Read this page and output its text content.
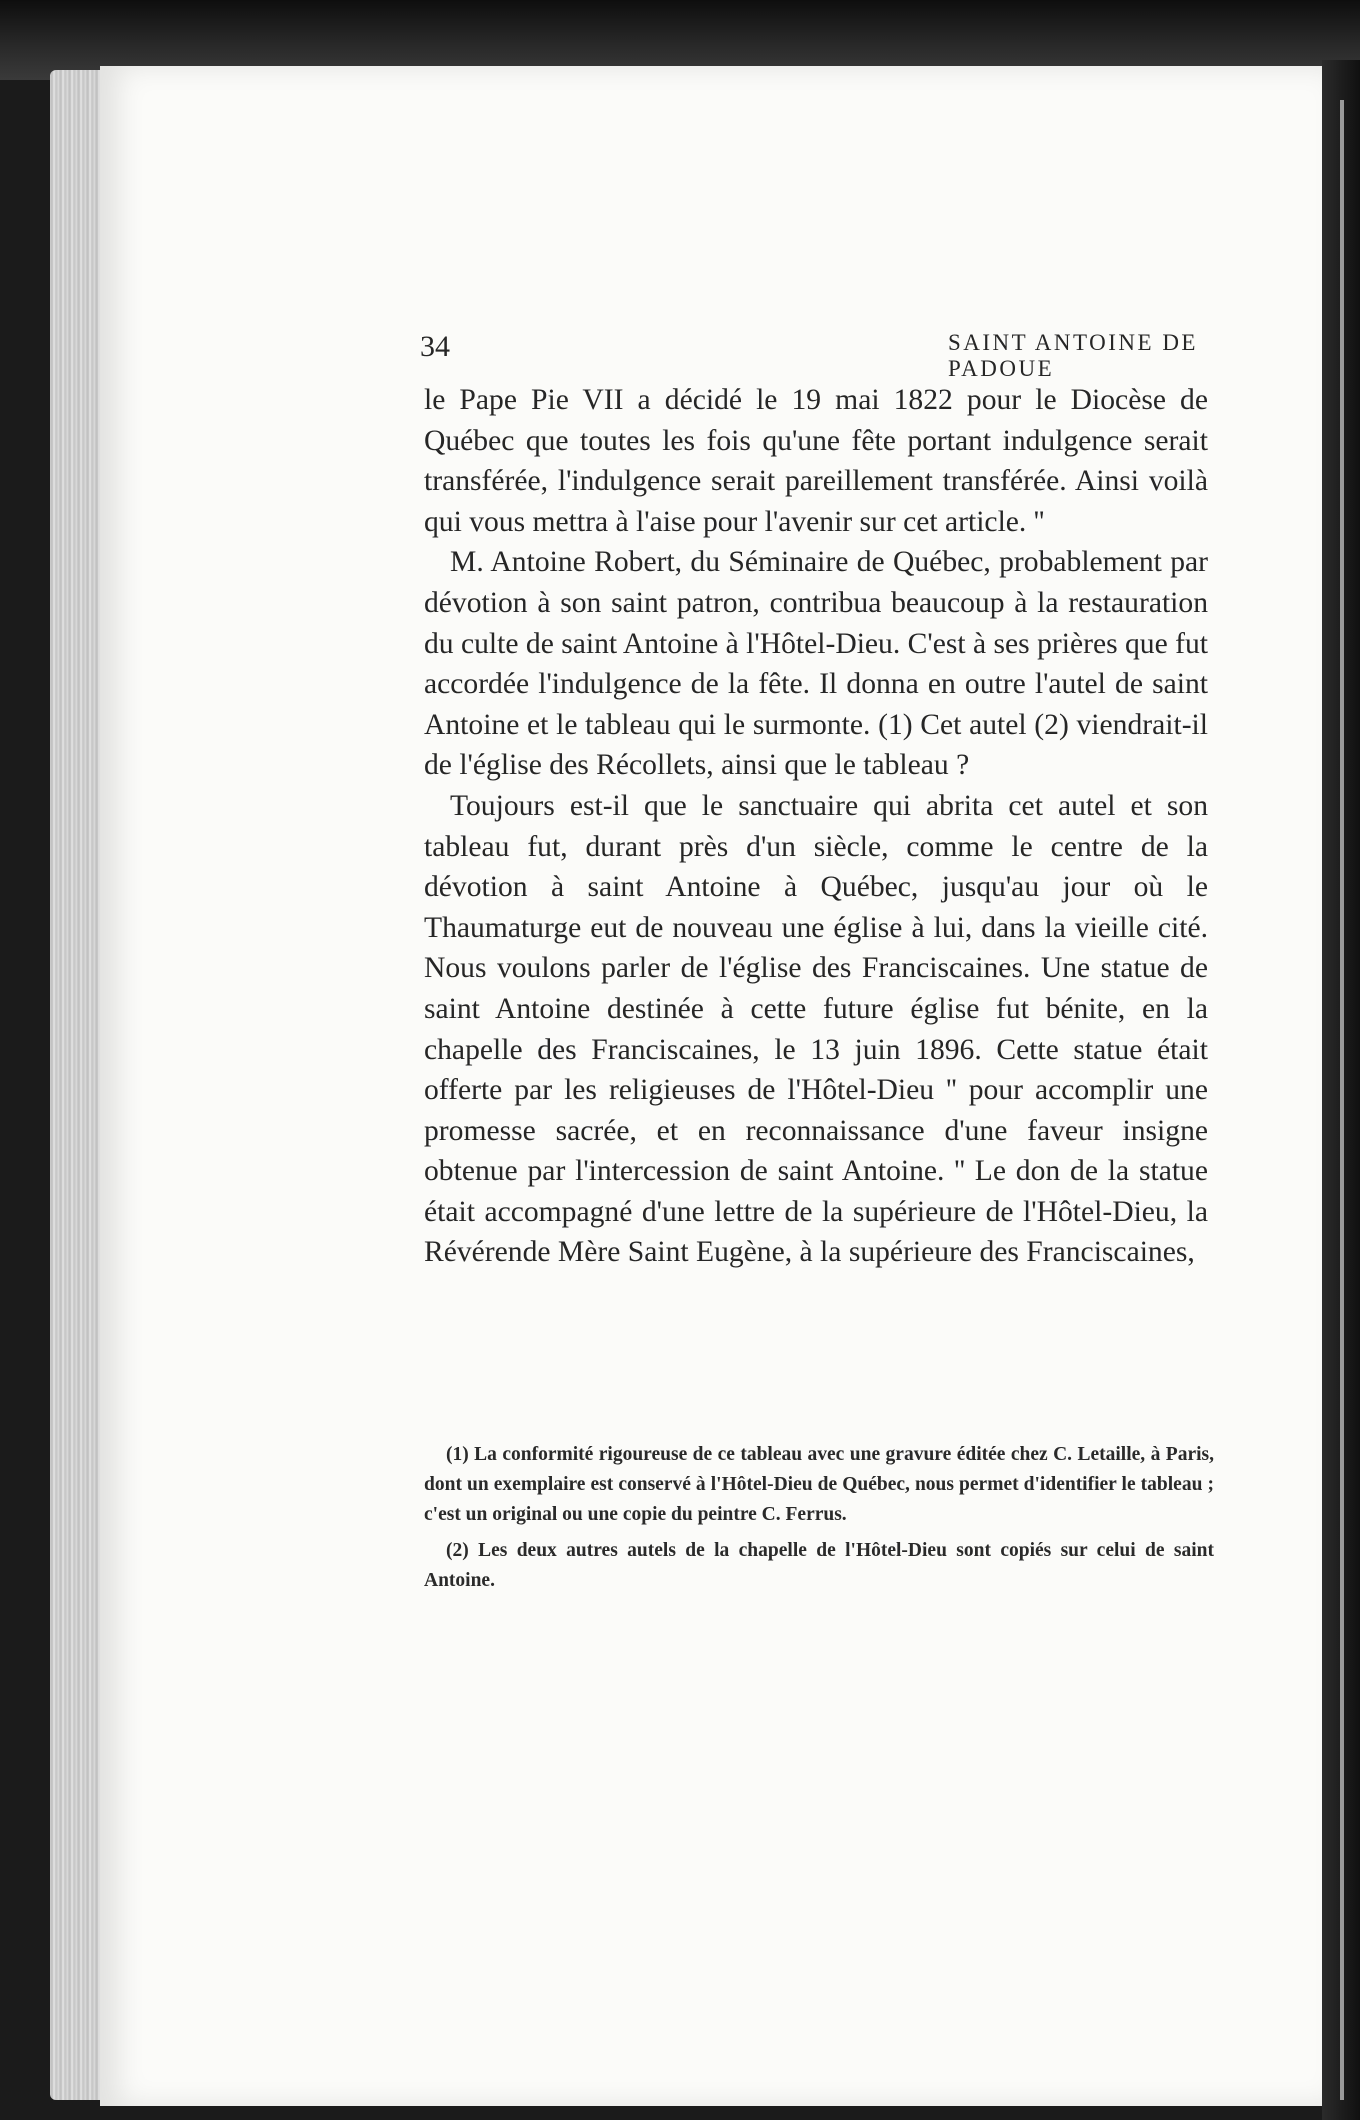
34	SAINT ANTOINE DE PADOUE

le Pape Pie VII a décidé le 19 mai 1822 pour le Diocèse de Québec que toutes les fois qu'une fête portant indulgence serait transférée, l'indulgence serait pareillement transférée. Ainsi voilà qui vous mettra à l'aise pour l'avenir sur cet article. ''

M. Antoine Robert, du Séminaire de Québec, probablement par dévotion à son saint patron, contribua beaucoup à la restauration du culte de saint Antoine à l'Hôtel-Dieu. C'est à ses prières que fut accordée l'indulgence de la fête. Il donna en outre l'autel de saint Antoine et le tableau qui le surmonte. (1) Cet autel (2) viendrait-il de l'église des Récollets, ainsi que le tableau ?

Toujours est-il que le sanctuaire qui abrita cet autel et son tableau fut, durant près d'un siècle, comme le centre de la dévotion à saint Antoine à Québec, jusqu'au jour où le Thaumaturge eut de nouveau une église à lui, dans la vieille cité. Nous voulons parler de l'église des Franciscaines. Une statue de saint Antoine destinée à cette future église fut bénite, en la chapelle des Franciscaines, le 13 juin 1896. Cette statue était offerte par les religieuses de l'Hôtel-Dieu '' pour accomplir une promesse sacrée, et en reconnaissance d'une faveur insigne obtenue par l'intercession de saint Antoine. '' Le don de la statue était accompagné d'une lettre de la supérieure de l'Hôtel-Dieu, la Révérende Mère Saint Eugène, à la supérieure des Franciscaines,

(1) La conformité rigoureuse de ce tableau avec une gravure éditée chez C. Letaille, à Paris, dont un exemplaire est conservé à l'Hôtel-Dieu de Québec, nous permet d'identifier le tableau ; c'est un original ou une copie du peintre C. Ferrus.

(2) Les deux autres autels de la chapelle de l'Hôtel-Dieu sont copiés sur celui de saint Antoine.
